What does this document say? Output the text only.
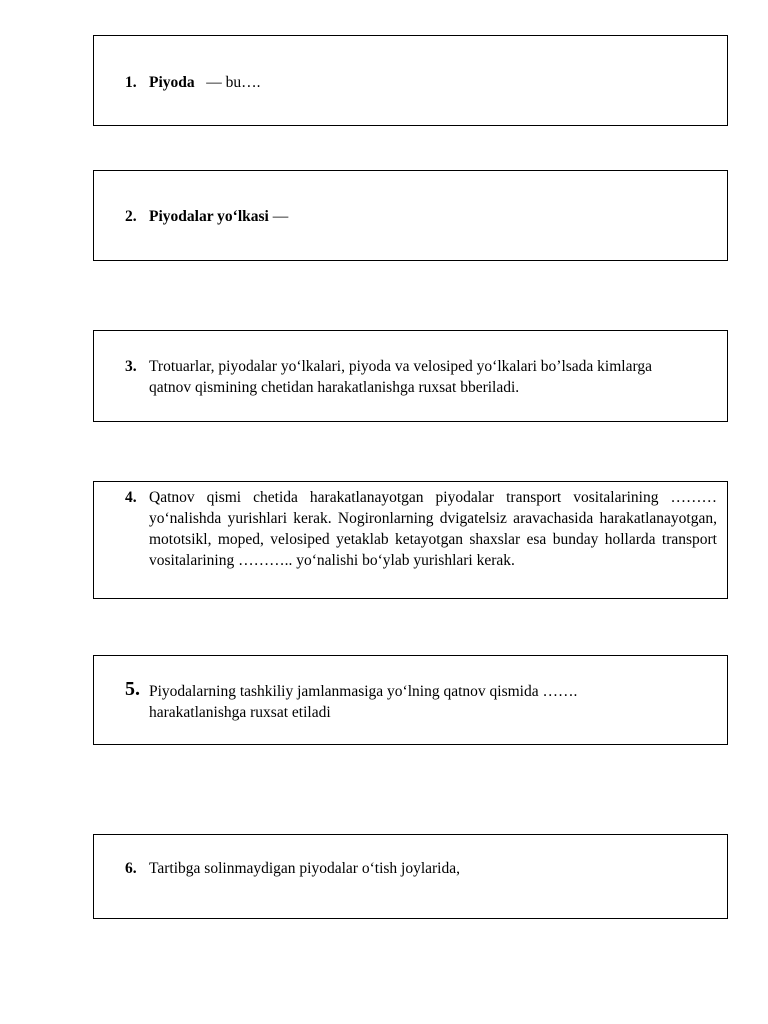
1. Piyoda   — bu….
2. Piyodalar yo‘lkasi —
3. Trotuarlar, piyodalar yo‘lkalari, piyoda va velosiped yo‘lkalari bo’lsada kimlarga qatnov qismining chetidan harakatlanishga ruxsat bberiladi.
4. Qatnov qismi chetida harakatlanayotgan piyodalar transport vositalarining ……… yo‘nalishda yurishlari kerak. Nogironlarning dvigatelsiz aravachasida harakatlanayotgan, mototsikl, moped, velosiped yetaklab ketayotgan shaxslar esa bunday hollarda transport vositalarining ……….. yo‘nalishi bo‘ylab yurishlari kerak.
5. Piyodalarning tashkiliy jamlanmasiga yo‘lning qatnov qismida ……. harakatlanishga ruxsat etiladi
6. Tartibga solinmaydigan piyodalar o‘tish joylarida,
